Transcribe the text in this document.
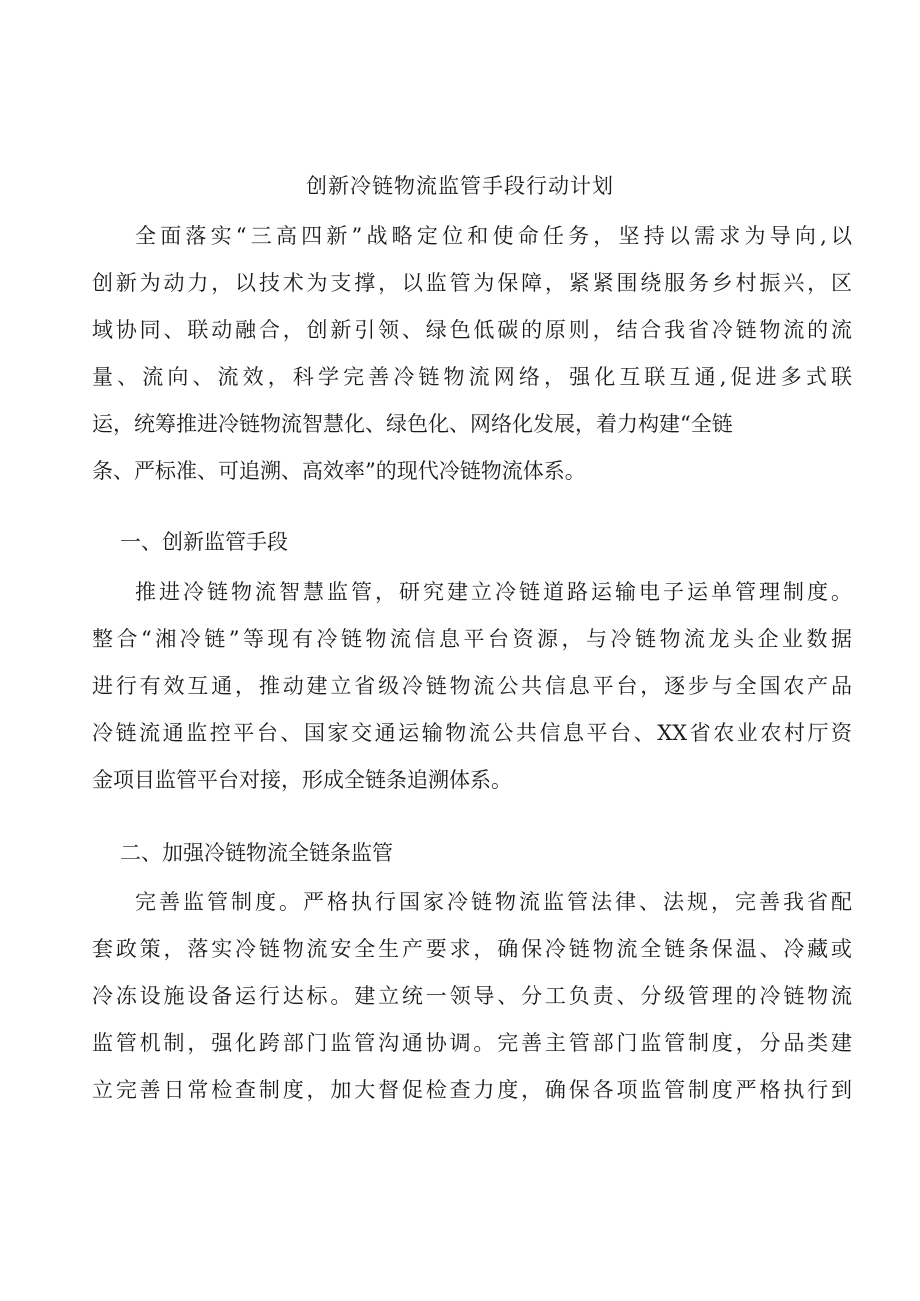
创新冷链物流监管手段行动计划
全面落实“三高四新”战略定位和使命任务，坚持以需求为导向,以
创新为动力，以技术为支撑，以监管为保障，紧紧围绕服务乡村振兴，区
域协同、联动融合，创新引领、绿色低碳的原则，结合我省冷链物流的流
量、流向、流效，科学完善冷链物流网络，强化互联互通,促进多式联
运，统筹推进冷链物流智慧化、绿色化、网络化发展，着力构建“全链
条、严标准、可追溯、高效率”的现代冷链物流体系。
一、创新监管手段
推进冷链物流智慧监管，研究建立冷链道路运输电子运单管理制度。
整合“湘冷链”等现有冷链物流信息平台资源，与冷链物流龙头企业数据
进行有效互通，推动建立省级冷链物流公共信息平台，逐步与全国农产品
冷链流通监控平台、国家交通运输物流公共信息平台、XX省农业农村厅资
金项目监管平台对接，形成全链条追溯体系。
二、加强冷链物流全链条监管
完善监管制度。严格执行国家冷链物流监管法律、法规，完善我省配
套政策，落实冷链物流安全生产要求，确保冷链物流全链条保温、冷藏或
冷冻设施设备运行达标。建立统一领导、分工负责、分级管理的冷链物流
监管机制，强化跨部门监管沟通协调。完善主管部门监管制度，分品类建
立完善日常检查制度，加大督促检查力度，确保各项监管制度严格执行到
